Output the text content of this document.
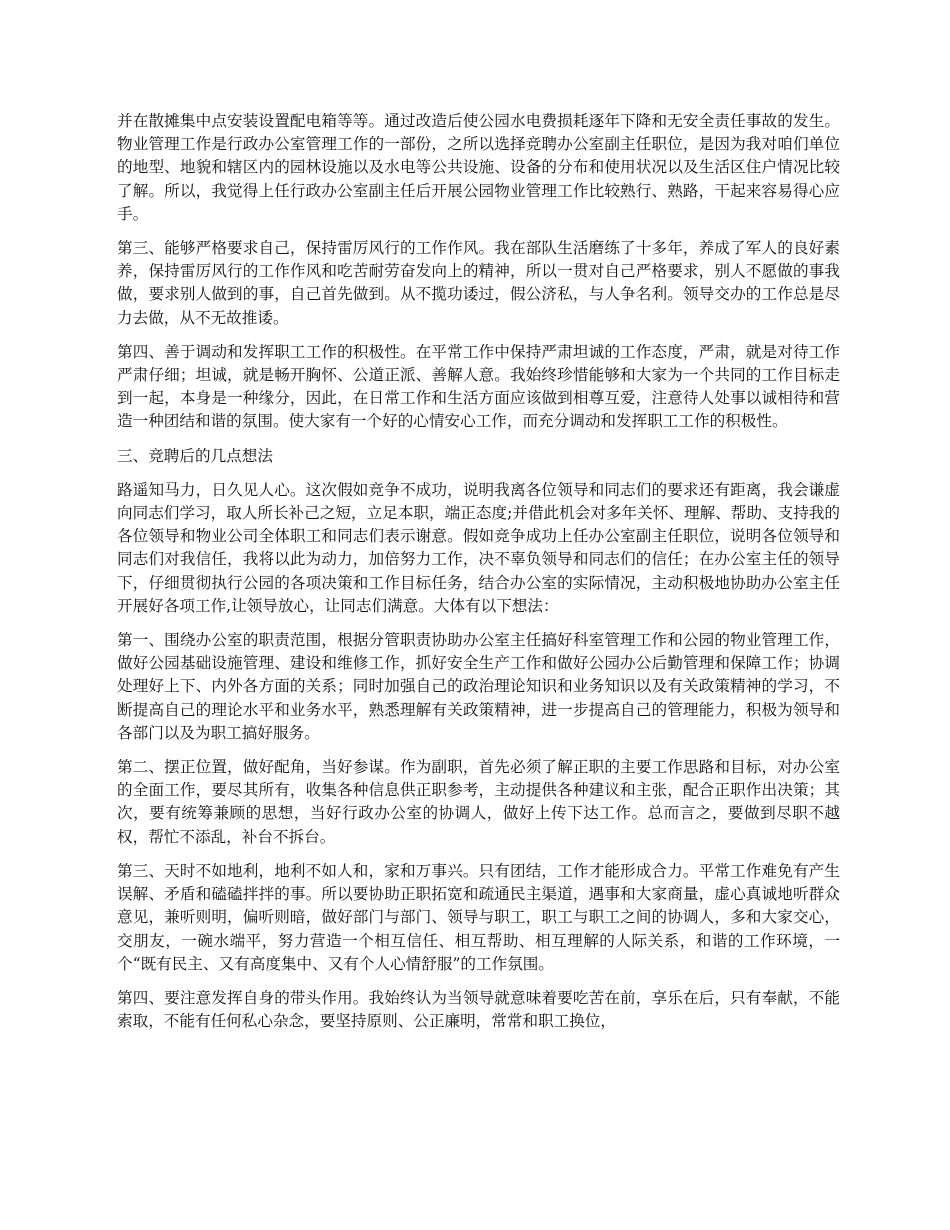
并在散摊集中点安装设置配电箱等等。通过改造后使公园水电费损耗逐年下降和无安全责任事故的发生。物业管理工作是行政办公室管理工作的一部份，之所以选择竞聘办公室副主任职位，是因为我对咱们单位的地型、地貌和辖区内的园林设施以及水电等公共设施、设备的分布和使用状况以及生活区住户情况比较了解。所以，我觉得上任行政办公室副主任后开展公园物业管理工作比较熟行、熟路，干起来容易得心应手。

第三、能够严格要求自己，保持雷厉风行的工作作风。我在部队生活磨练了十多年，养成了军人的良好素养，保持雷厉风行的工作作风和吃苦耐劳奋发向上的精神，所以一贯对自己严格要求，别人不愿做的事我做，要求别人做到的事，自己首先做到。从不揽功诿过，假公济私，与人争名利。领导交办的工作总是尽力去做，从不无故推诿。

第四、善于调动和发挥职工工作的积极性。在平常工作中保持严肃坦诚的工作态度，严肃，就是对待工作严肃仔细；坦诚，就是畅开胸怀、公道正派、善解人意。我始终珍惜能够和大家为一个共同的工作目标走到一起，本身是一种缘分，因此，在日常工作和生活方面应该做到相尊互爱，注意待人处事以诚相待和营造一种团结和谐的氛围。使大家有一个好的心情安心工作，而充分调动和发挥职工工作的积极性。

三、竞聘后的几点想法

路遥知马力，日久见人心。这次假如竞争不成功，说明我离各位领导和同志们的要求还有距离，我会谦虚向同志们学习，取人所长补己之短，立足本职，端正态度;并借此机会对多年关怀、理解、帮助、支持我的各位领导和物业公司全体职工和同志们表示谢意。假如竞争成功上任办公室副主任职位，说明各位领导和同志们对我信任，我将以此为动力，加倍努力工作，决不辜负领导和同志们的信任；在办公室主任的领导下，仔细贯彻执行公园的各项决策和工作目标任务，结合办公室的实际情况，主动积极地协助办公室主任开展好各项工作,让领导放心，让同志们满意。大体有以下想法：

第一、围绕办公室的职责范围，根据分管职责协助办公室主任搞好科室管理工作和公园的物业管理工作，做好公园基础设施管理、建设和维修工作，抓好安全生产工作和做好公园办公后勤管理和保障工作；协调处理好上下、内外各方面的关系；同时加强自己的政治理论知识和业务知识以及有关政策精神的学习，不断提高自己的理论水平和业务水平，熟悉理解有关政策精神，进一步提高自己的管理能力，积极为领导和各部门以及为职工搞好服务。

第二、摆正位置，做好配角，当好参谋。作为副职，首先必须了解正职的主要工作思路和目标，对办公室的全面工作，要尽其所有，收集各种信息供正职参考，主动提供各种建议和主张，配合正职作出决策；其次，要有统筹兼顾的思想，当好行政办公室的协调人，做好上传下达工作。总而言之，要做到尽职不越权，帮忙不添乱，补台不拆台。

第三、天时不如地利，地利不如人和，家和万事兴。只有团结，工作才能形成合力。平常工作难免有产生误解、矛盾和磕磕拌拌的事。所以要协助正职拓宽和疏通民主渠道，遇事和大家商量，虚心真诚地听群众意见，兼听则明，偏听则暗，做好部门与部门、领导与职工，职工与职工之间的协调人，多和大家交心，交朋友，一碗水端平，努力营造一个相互信任、相互帮助、相互理解的人际关系，和谐的工作环境，一个“既有民主、又有高度集中、又有个人心情舒服”的工作氛围。

第四、要注意发挥自身的带头作用。我始终认为当领导就意味着要吃苦在前，享乐在后，只有奉献，不能索取，不能有任何私心杂念，要坚持原则、公正廉明，常常和职工换位，
